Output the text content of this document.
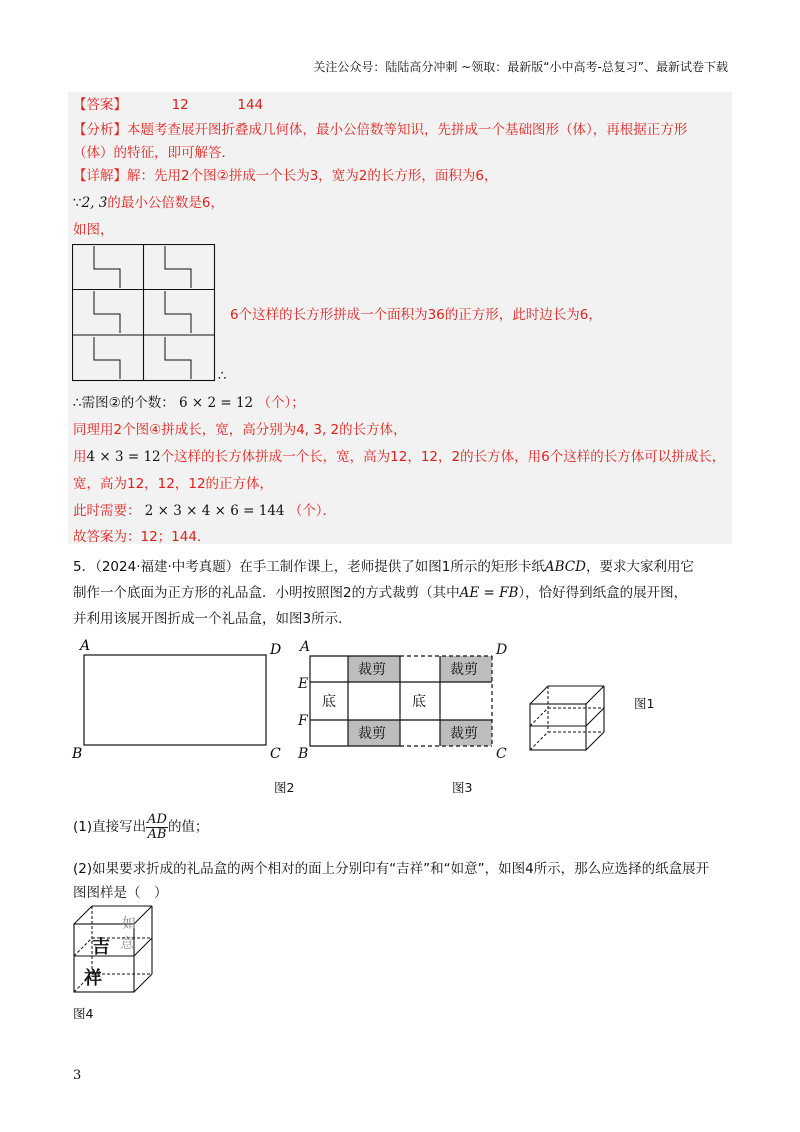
关注公众号：陆陆高分冲刺 ~领取：最新版“小中高考-总复习”、最新试卷下载
【答案】	12	144
【分析】本题考查展开图折叠成几何体，最小公倍数等知识，先拼成一个基础图形（体），再根据正方形
（体）的特征，即可解答．
【详解】解：先用2个图②拼成一个长为3，宽为2的长方形，面积为6，
∵2, 3的最小公倍数是6，
如图，
6个这样的长方形拼成一个面积为36的正方形，此时边长为6，
∴
∴需图②的个数： 6 × 2 = 12 （个）；
同理用2个图④拼成长，宽，高分别为4, 3, 2的长方体，
用4 × 3 = 12个这样的长方体拼成一个长，宽，高为12，12，2的长方体，用6个这样的长方体可以拼成长，
宽，高为12，12，12的正方体，
此时需要： 2 × 3 × 4 × 6 = 144 （个）．
故答案为：12；144．
5．（2024·福建·中考真题）在手工制作课上，老师提供了如图1所示的矩形卡纸ABCD，要求大家利用它
制作一个底面为正方形的礼品盒．小明按照图2的方式裁剪（其中AE = FB），恰好得到纸盒的展开图，
并利用该展开图折成一个礼品盒，如图3所示．
A	D
B	C
裁剪	裁剪
裁剪	裁剪
底	底
A	D
E
F
B	C
图1
图2	图3
(1)直接写出 $\frac{AD}{AB}$ 的值；
(2)如果要求折成的礼品盒的两个相对的面上分别印有“吉祥”和“如意”，如图4所示，那么应选择的纸盒展开
图图样是（　）
如
吉 意
祥
图4
3
